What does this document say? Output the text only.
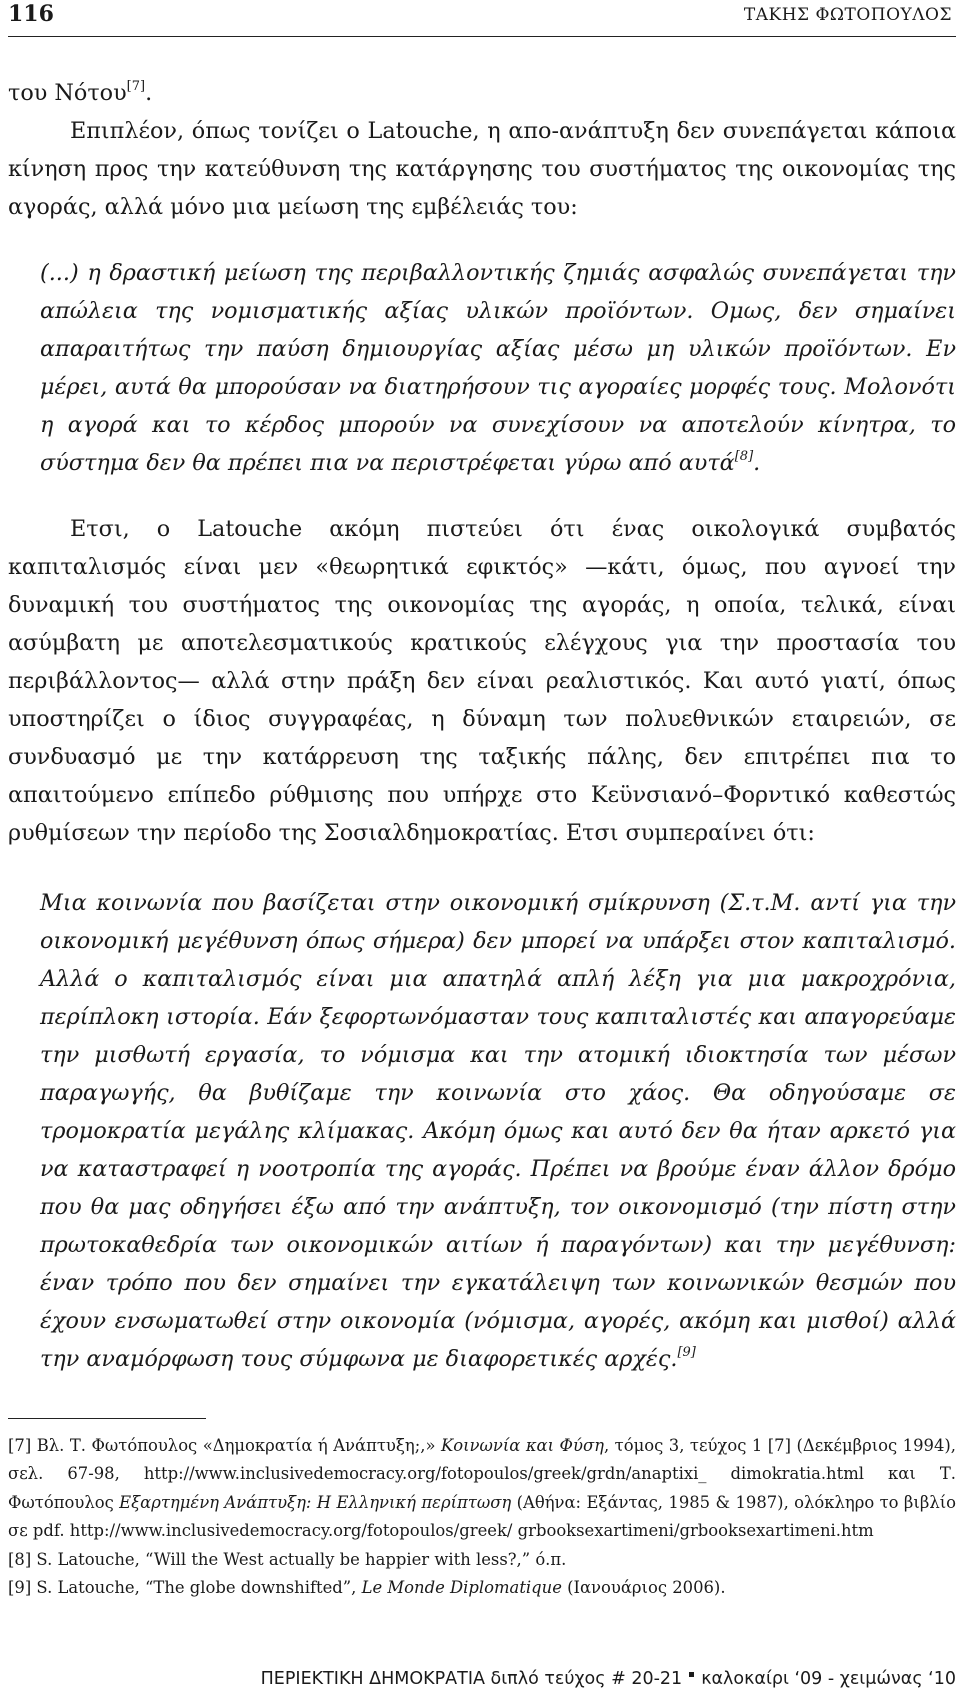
116	ΤΑΚΗΣ ΦΩΤΟΠΟΥΛΟΣ

του Νότου[7].

Επιπλέον, όπως τονίζει ο Latouche, η απο-ανάπτυξη δεν συνεπάγεται κάποια κίνηση προς την κατεύθυνση της κατάργησης του συστήματος της οικονομίας της αγοράς, αλλά μόνο μια μείωση της εμβέλειάς του:

(...) η δραστική μείωση της περιβαλλοντικής ζημιάς ασφαλώς συνεπάγεται την απώλεια της νομισματικής αξίας υλικών προϊόντων. Ομως, δεν σημαίνει απαραιτήτως την παύση δημιουργίας αξίας μέσω μη υλικών προϊόντων. Εν μέρει, αυτά θα μπορούσαν να διατηρήσουν τις αγοραίες μορφές τους. Μολονότι η αγορά και το κέρδος μπορούν να συνεχίσουν να αποτελούν κίνητρα, το σύστημα δεν θα πρέπει πια να περιστρέφεται γύρω από αυτά[8].

Ετσι, ο Latouche ακόμη πιστεύει ότι ένας οικολογικά συμβατός καπιταλισμός είναι μεν «θεωρητικά εφικτός» —κάτι, όμως, που αγνοεί την δυναμική του συστήματος της οικονομίας της αγοράς, η οποία, τελικά, είναι ασύμβατη με αποτελεσματικούς κρατικούς ελέγχους για την προστασία του περιβάλλοντος— αλλά στην πράξη δεν είναι ρεαλιστικός. Και αυτό γιατί, όπως υποστηρίζει ο ίδιος συγγραφέας, η δύναμη των πολυεθνικών εταιρειών, σε συνδυασμό με την κατάρρευση της ταξικής πάλης, δεν επιτρέπει πια το απαιτούμενο επίπεδο ρύθμισης που υπήρχε στο Κεϋνσιανό–Φορντικό καθεστώς ρυθμίσεων την περίοδο της Σοσιαλδημοκρατίας. Ετσι συμπεραίνει ότι:

Μια κοινωνία που βασίζεται στην οικονομική σμίκρυνση (Σ.τ.Μ. αντί για την οικονομική μεγέθυνση όπως σήμερα) δεν μπορεί να υπάρξει στον καπιταλισμό. Αλλά ο καπιταλισμός είναι μια απατηλά απλή λέξη για μια μακροχρόνια, περίπλοκη ιστορία. Εάν ξεφορτωνόμασταν τους καπιταλιστές και απαγορεύαμε την μισθωτή εργασία, το νόμισμα και την ατομική ιδιοκτησία των μέσων παραγωγής, θα βυθίζαμε την κοινωνία στο χάος. Θα οδηγούσαμε σε τρομοκρατία μεγάλης κλίμακας. Ακόμη όμως και αυτό δεν θα ήταν αρκετό για να καταστραφεί η νοοτροπία της αγοράς. Πρέπει να βρούμε έναν άλλον δρόμο που θα μας οδηγήσει έξω από την ανάπτυξη, τον οικονομισμό (την πίστη στην πρωτοκαθεδρία των οικονομικών αιτίων ή παραγόντων) και την μεγέθυνση: έναν τρόπο που δεν σημαίνει την εγκατάλειψη των κοινωνικών θεσμών που έχουν ενσωματωθεί στην οικονομία (νόμισμα, αγορές, ακόμη και μισθοί) αλλά την αναμόρφωση τους σύμφωνα με διαφορετικές αρχές.[9]

[7] Βλ. Τ. Φωτόπουλος «Δημοκρατία ή Ανάπτυξη;,» Κοινωνία και Φύση, τόμος 3, τεύχος 1 [7] (Δεκέμβριος 1994), σελ. 67-98, http://www.inclusivedemocracy.org/fotopoulos/greek/grdn/anaptixi_ dimokratia.html και Τ. Φωτόπουλος Εξαρτημένη Ανάπτυξη: Η Ελληνική περίπτωση (Αθήνα: Εξάντας, 1985 & 1987), ολόκληρο το βιβλίο σε pdf. http://www.inclusivedemocracy.org/fotopoulos/greek/ grbooksexartimeni/grbooksexartimeni.htm

[8] S. Latouche, “Will the West actually be happier with less?,” ό.π.

[9] S. Latouche, “The globe downshifted”, Le Monde Diplomatique (Ιανουάριος 2006).

ΠΕΡΙΕΚΤΙΚΗ ΔΗΜΟΚΡΑΤΙΑ διπλό τεύχος # 20-21 καλοκαίρι ‘09 - χειμώνας ‘10
